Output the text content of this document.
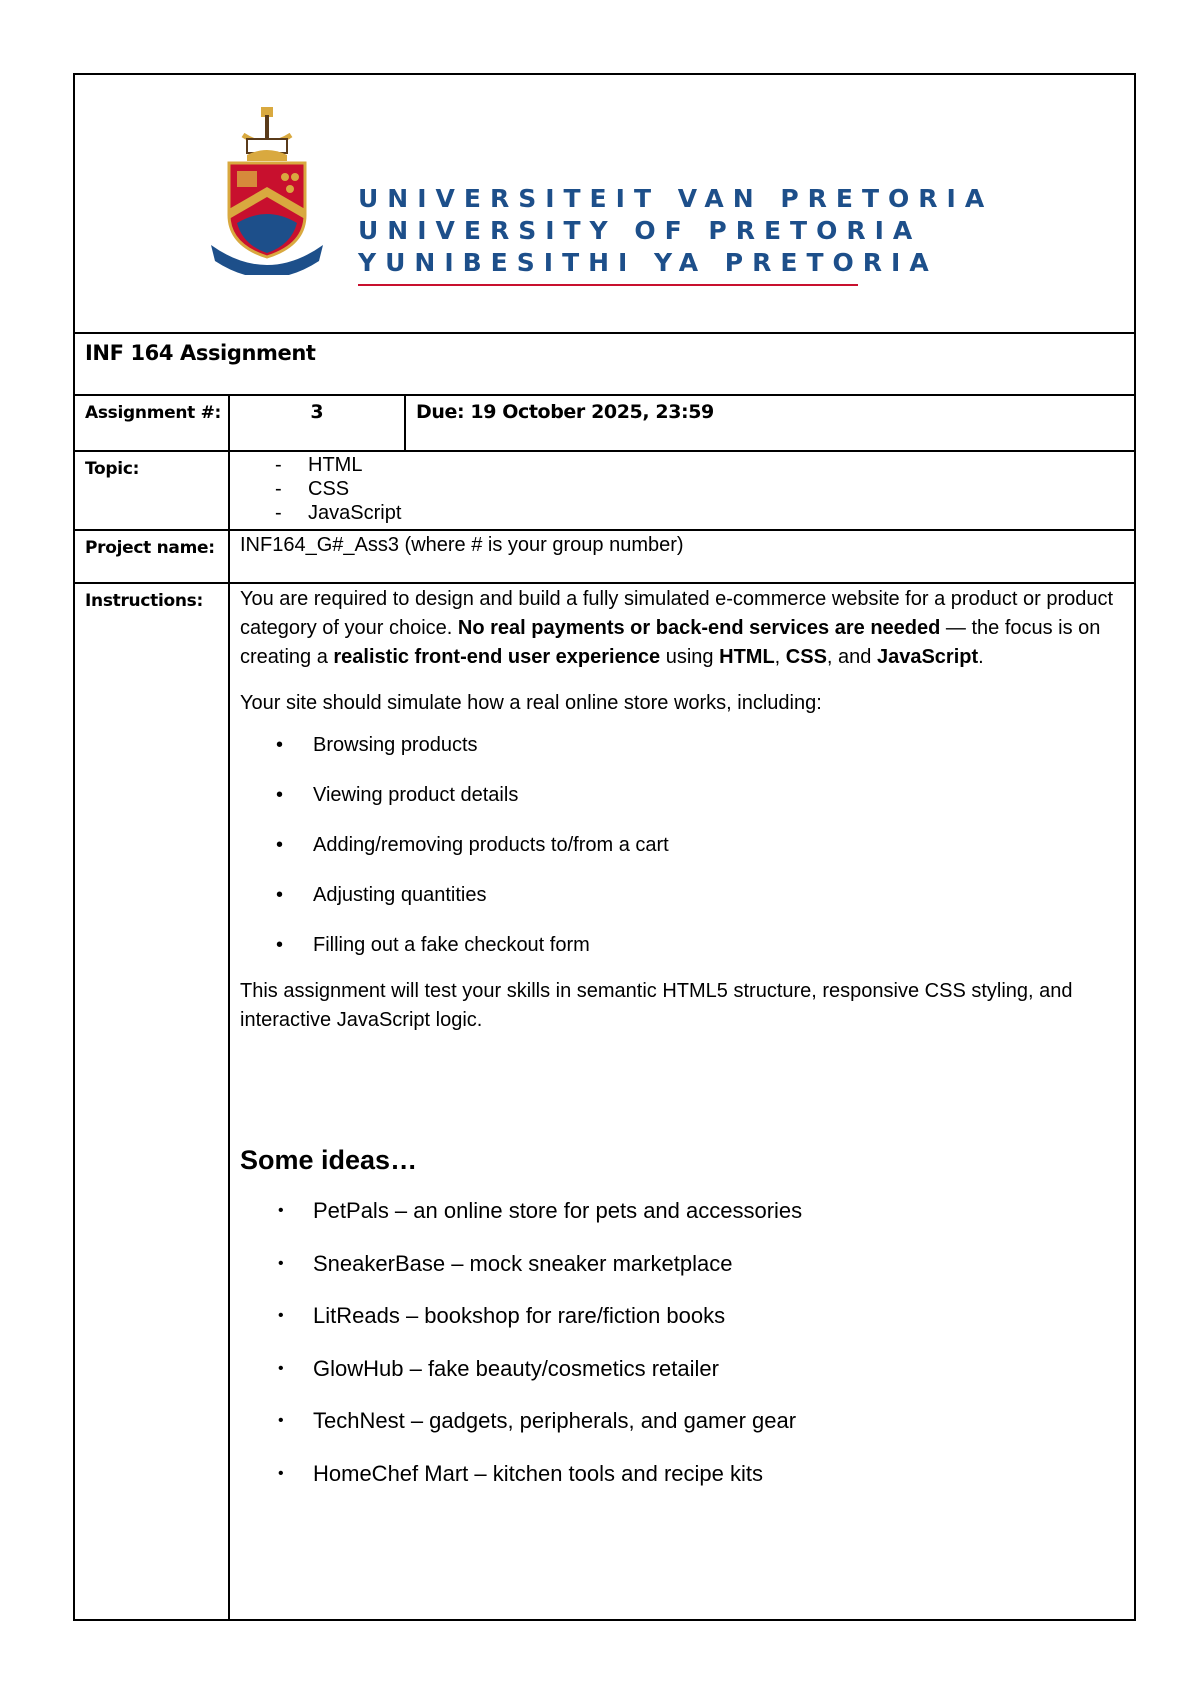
UNIVERSITEIT VAN PRETORIA
UNIVERSITY OF PRETORIA
YUNIBESITHI YA PRETORIA
INF 164 Assignment
Assignment #:	3	Due: 19 October 2025, 23:59
Topic:	- HTML
- CSS
- JavaScript
Project name:	INF164_G#_Ass3 (where # is your group number)
Instructions:	You are required to design and build a fully simulated e-commerce website for a product or product category of your choice. No real payments or back-end services are needed — the focus is on creating a realistic front-end user experience using HTML, CSS, and JavaScript.

Your site should simulate how a real online store works, including:

• Browsing products
• Viewing product details
• Adding/removing products to/from a cart
• Adjusting quantities
• Filling out a fake checkout form

This assignment will test your skills in semantic HTML5 structure, responsive CSS styling, and interactive JavaScript logic.

Some ideas…
• PetPals – an online store for pets and accessories
• SneakerBase – mock sneaker marketplace
• LitReads – bookshop for rare/fiction books
• GlowHub – fake beauty/cosmetics retailer
• TechNest – gadgets, peripherals, and gamer gear
• HomeChef Mart – kitchen tools and recipe kits
